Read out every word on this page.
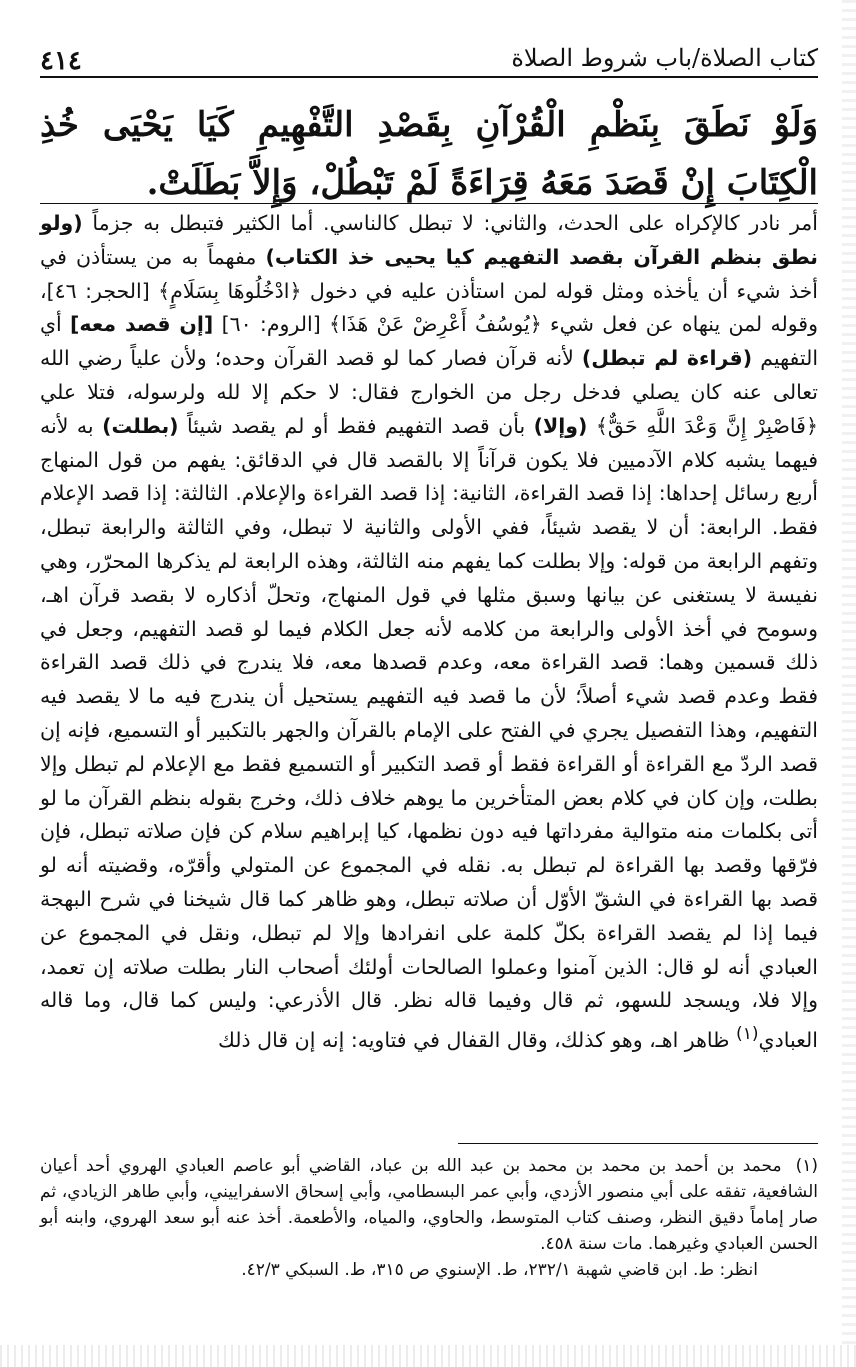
كتاب الصلاة/باب شروط الصلاة
٤١٤
وَلَوْ نَطَقَ بِنَظْمِ الْقُرْآنِ بِقَصْدِ التَّفْهِيمِ كَيَا يَحْيَى خُذِ الْكِتَابَ إِنْ قَصَدَ مَعَهُ قِرَاءَةً لَمْ تَبْطُلْ، وَإِلاَّ بَطَلَتْ.

أمر نادر كالإكراه على الحدث، والثاني: لا تبطل كالناسي. أما الكثير فتبطل به جزماً (ولو نطق بنظم القرآن بقصد التفهيم كيا يحيى خذ الكتاب) مفهماً به من يستأذن في أخذ شيء أن يأخذه ومثل قوله لمن استأذن عليه في دخول ﴿ادْخُلُوهَا بِسَلَامٍ﴾ [الحجر: ٤٦]، وقوله لمن ينهاه عن فعل شيء ﴿يُوسُفُ أَعْرِضْ عَنْ هَذَا﴾ [الروم: ٦٠] [إن قصد معه] أي التفهيم (قراءة لم تبطل) لأنه قرآن فصار كما لو قصد القرآن وحده؛ ولأن علياً رضي الله تعالى عنه كان يصلي فدخل رجل من الخوارج فقال: لا حكم إلا لله ولرسوله، فتلا علي ﴿فَاصْبِرْ إِنَّ وَعْدَ اللَّهِ حَقٌّ﴾ (وإلا) بأن قصد التفهيم فقط أو لم يقصد شيئاً (بطلت) به لأنه فيهما يشبه كلام الآدميين فلا يكون قرآناً إلا بالقصد قال في الدقائق: يفهم من قول المنهاج أربع رسائل إحداها: إذا قصد القراءة، الثانية: إذا قصد القراءة والإعلام. الثالثة: إذا قصد الإعلام فقط. الرابعة: أن لا يقصد شيئاً، ففي الأولى والثانية لا تبطل، وفي الثالثة والرابعة تبطل، وتفهم الرابعة من قوله: وإلا بطلت كما يفهم منه الثالثة، وهذه الرابعة لم يذكرها المحرّر، وهي نفيسة لا يستغنى عن بيانها وسبق مثلها في قول المنهاج، وتحلّ أذكاره لا بقصد قرآن اهـ، وسومح في أخذ الأولى والرابعة من كلامه لأنه جعل الكلام فيما لو قصد التفهيم، وجعل في ذلك قسمين وهما: قصد القراءة معه، وعدم قصدها معه، فلا يندرج في ذلك قصد القراءة فقط وعدم قصد شيء أصلاً؛ لأن ما قصد فيه التفهيم يستحيل أن يندرج فيه ما لا يقصد فيه التفهيم، وهذا التفصيل يجري في الفتح على الإمام بالقرآن والجهر بالتكبير أو التسميع، فإنه إن قصد الردّ مع القراءة أو القراءة فقط أو قصد التكبير أو التسميع فقط مع الإعلام لم تبطل وإلا بطلت، وإن كان في كلام بعض المتأخرين ما يوهم خلاف ذلك، وخرج بقوله بنظم القرآن ما لو أتى بكلمات منه متوالية مفرداتها فيه دون نظمها، كيا إبراهيم سلام كن فإن صلاته تبطل، فإن فرّقها وقصد بها القراءة لم تبطل به. نقله في المجموع عن المتولي وأقرّه، وقضيته أنه لو قصد بها القراءة في الشقّ الأوّل أن صلاته تبطل، وهو ظاهر كما قال شيخنا في شرح البهجة فيما إذا لم يقصد القراءة بكلّ كلمة على انفرادها وإلا لم تبطل، ونقل في المجموع عن العبادي أنه لو قال: الذين آمنوا وعملوا الصالحات أولئك أصحاب النار بطلت صلاته إن تعمد، وإلا فلا، ويسجد للسهو، ثم قال وفيما قاله نظر. قال الأذرعي: وليس كما قال، وما قاله العبادي$^{(١)}$ ظاهر اهـ، وهو كذلك، وقال القفال في فتاويه: إنه إن قال ذلك

(١)محمد بن أحمد بن محمد بن محمد بن عبد الله بن عباد، القاضي أبو عاصم العبادي الهروي أحد أعيان الشافعية، تفقه على أبي منصور الأزدي، وأبي عمر البسطامي، وأبي إسحاق الاسفراييني، وأبي طاهر الزيادي، ثم صار إماماً دقيق النظر، وصنف كتاب المتوسط، والحاوي، والمياه، والأطعمة. أخذ عنه أبو سعد الهروي، وابنه أبو الحسن العبادي وغيرهما. مات سنة ٤٥٨.
انظر: ط. ابن قاضي شهبة ٢٣٢/١، ط. الإسنوي ص ٣١٥، ط. السبكي ٤٢/٣.
